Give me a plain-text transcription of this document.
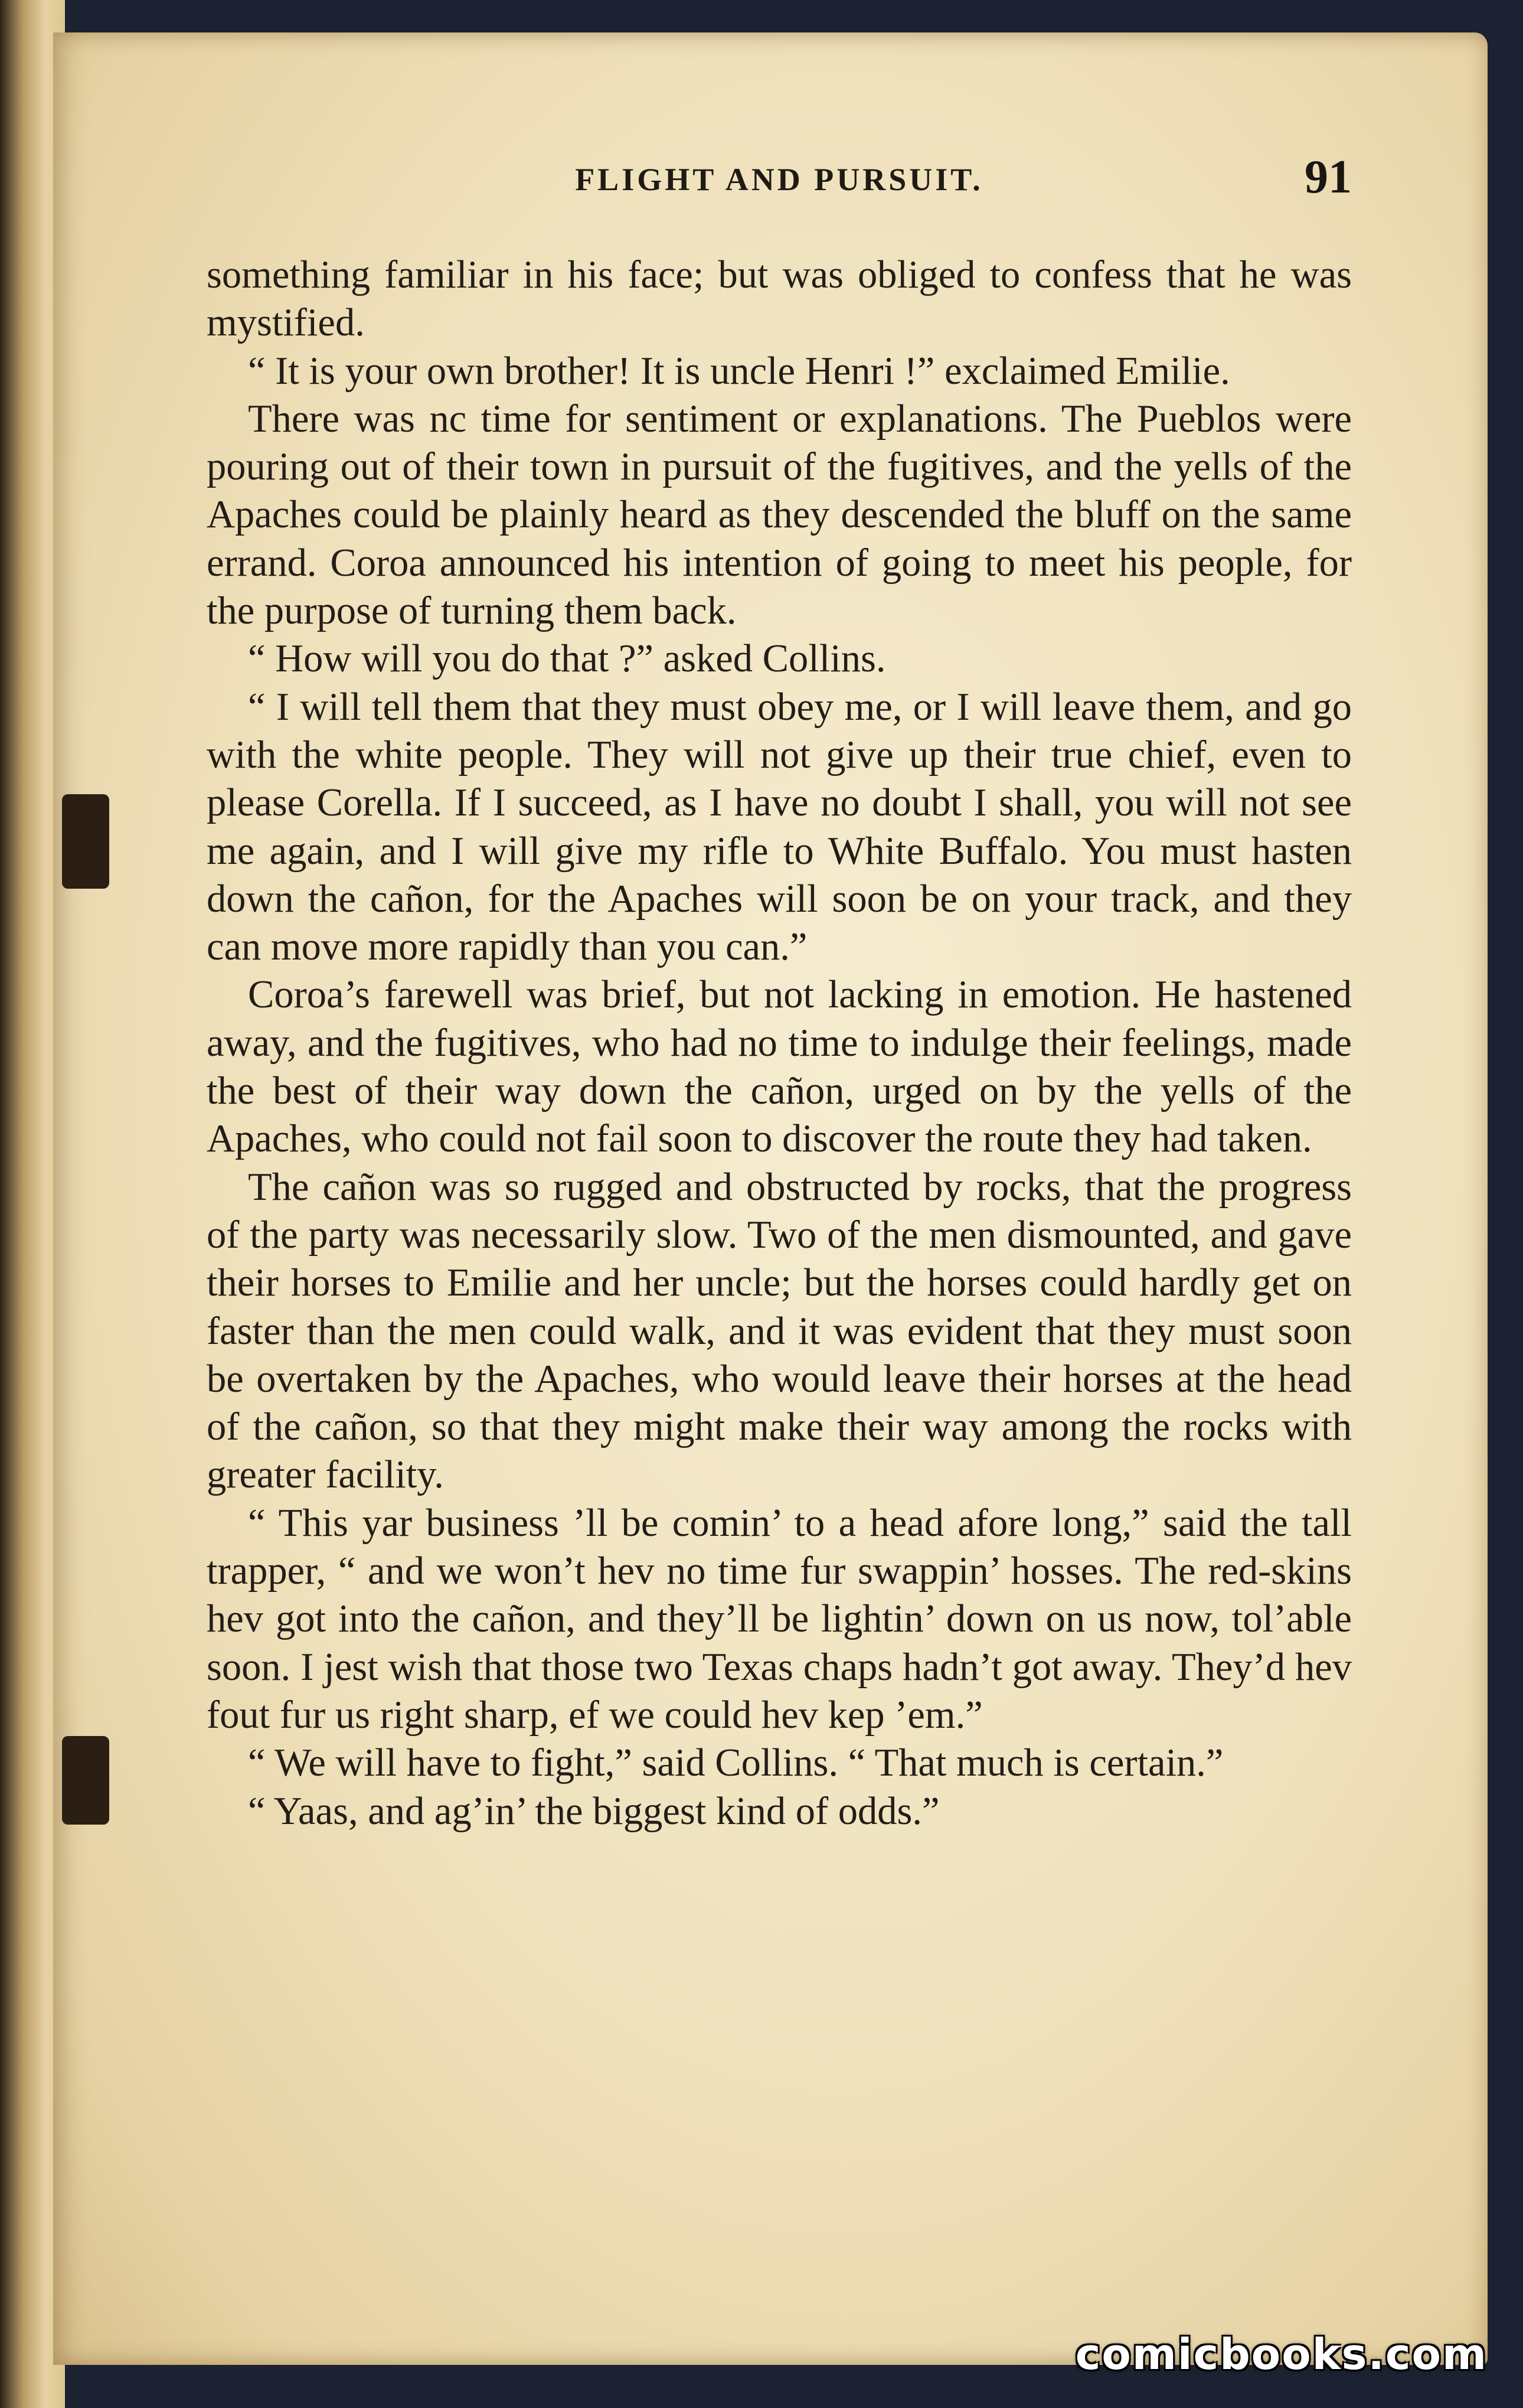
FLIGHT AND PURSUIT.	91

something familiar in his face; but was obliged to confess that he was mystified.

“ It is your own brother! It is uncle Henri !” exclaimed Emilie.

There was nc time for sentiment or explanations. The Pueblos were pouring out of their town in pursuit of the fugitives, and the yells of the Apaches could be plainly heard as they descended the bluff on the same errand. Coroa announced his intention of going to meet his people, for the purpose of turning them back.

“ How will you do that ?” asked Collins.

“ I will tell them that they must obey me, or I will leave them, and go with the white people. They will not give up their true chief, even to please Corella. If I succeed, as I have no doubt I shall, you will not see me again, and I will give my rifle to White Buffalo. You must hasten down the cañon, for the Apaches will soon be on your track, and they can move more rapidly than you can.”

Coroa’s farewell was brief, but not lacking in emotion. He hastened away, and the fugitives, who had no time to indulge their feelings, made the best of their way down the cañon, urged on by the yells of the Apaches, who could not fail soon to discover the route they had taken.

The cañon was so rugged and obstructed by rocks, that the progress of the party was necessarily slow. Two of the men dismounted, and gave their horses to Emilie and her uncle; but the horses could hardly get on faster than the men could walk, and it was evident that they must soon be overtaken by the Apaches, who would leave their horses at the head of the cañon, so that they might make their way among the rocks with greater facility.

“ This yar business ’ll be comin’ to a head afore long,” said the tall trapper, “ and we won’t hev no time fur swappin’ hosses. The red-skins hev got into the cañon, and they’ll be lightin’ down on us now, tol’able soon. I jest wish that those two Texas chaps hadn’t got away. They’d hev fout fur us right sharp, ef we could hev kep ’em.”

“ We will have to fight,” said Collins. “ That much is certain.”

“ Yaas, and ag’in’ the biggest kind of odds.”

comicbooks.com
